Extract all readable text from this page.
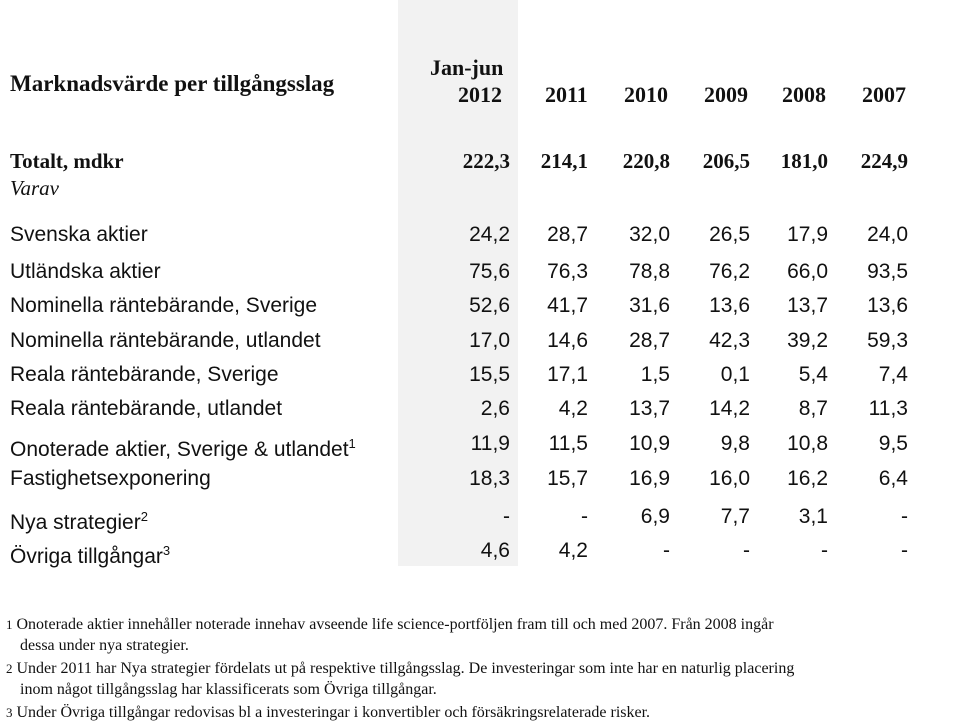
Marknadsvärde per tillgångsslag
Jan-jun
2012 2011 2010 2009 2008 2007
Totalt, mdkr	222,3	214,1	220,8	206,5	181,0	224,9
Varav
Svenska aktier	24,2	28,7	32,0	26,5	17,9	24,0
Utländska aktier	75,6	76,3	78,8	76,2	66,0	93,5
Nominella räntebärande, Sverige	52,6	41,7	31,6	13,6	13,7	13,6
Nominella räntebärande, utlandet	17,0	14,6	28,7	42,3	39,2	59,3
Reala räntebärande, Sverige	15,5	17,1	1,5	0,1	5,4	7,4
Reala räntebärande, utlandet	2,6	4,2	13,7	14,2	8,7	11,3
Onoterade aktier, Sverige & utlandet$^1$	11,9	11,5	10,9	9,8	10,8	9,5
Fastighetsexponering	18,3	15,7	16,9	16,0	16,2	6,4
Nya strategier$^2$	-	-	6,9	7,7	3,1	-
Övriga tillgångar$^3$	4,6	4,2	-	-	-	-
$^1$ Onoterade aktier innehåller noterade innehav avseende life science-portföljen fram till och med 2007. Från 2008 ingår
dessa under nya strategier.
$^2$ Under 2011 har Nya strategier fördelats ut på respektive tillgångsslag. De investeringar som inte har en naturlig placering
inom något tillgångsslag har klassificerats som Övriga tillgångar.
$^3$ Under Övriga tillgångar redovisas bl a investeringar i konvertibler och försäkringsrelaterade risker.
